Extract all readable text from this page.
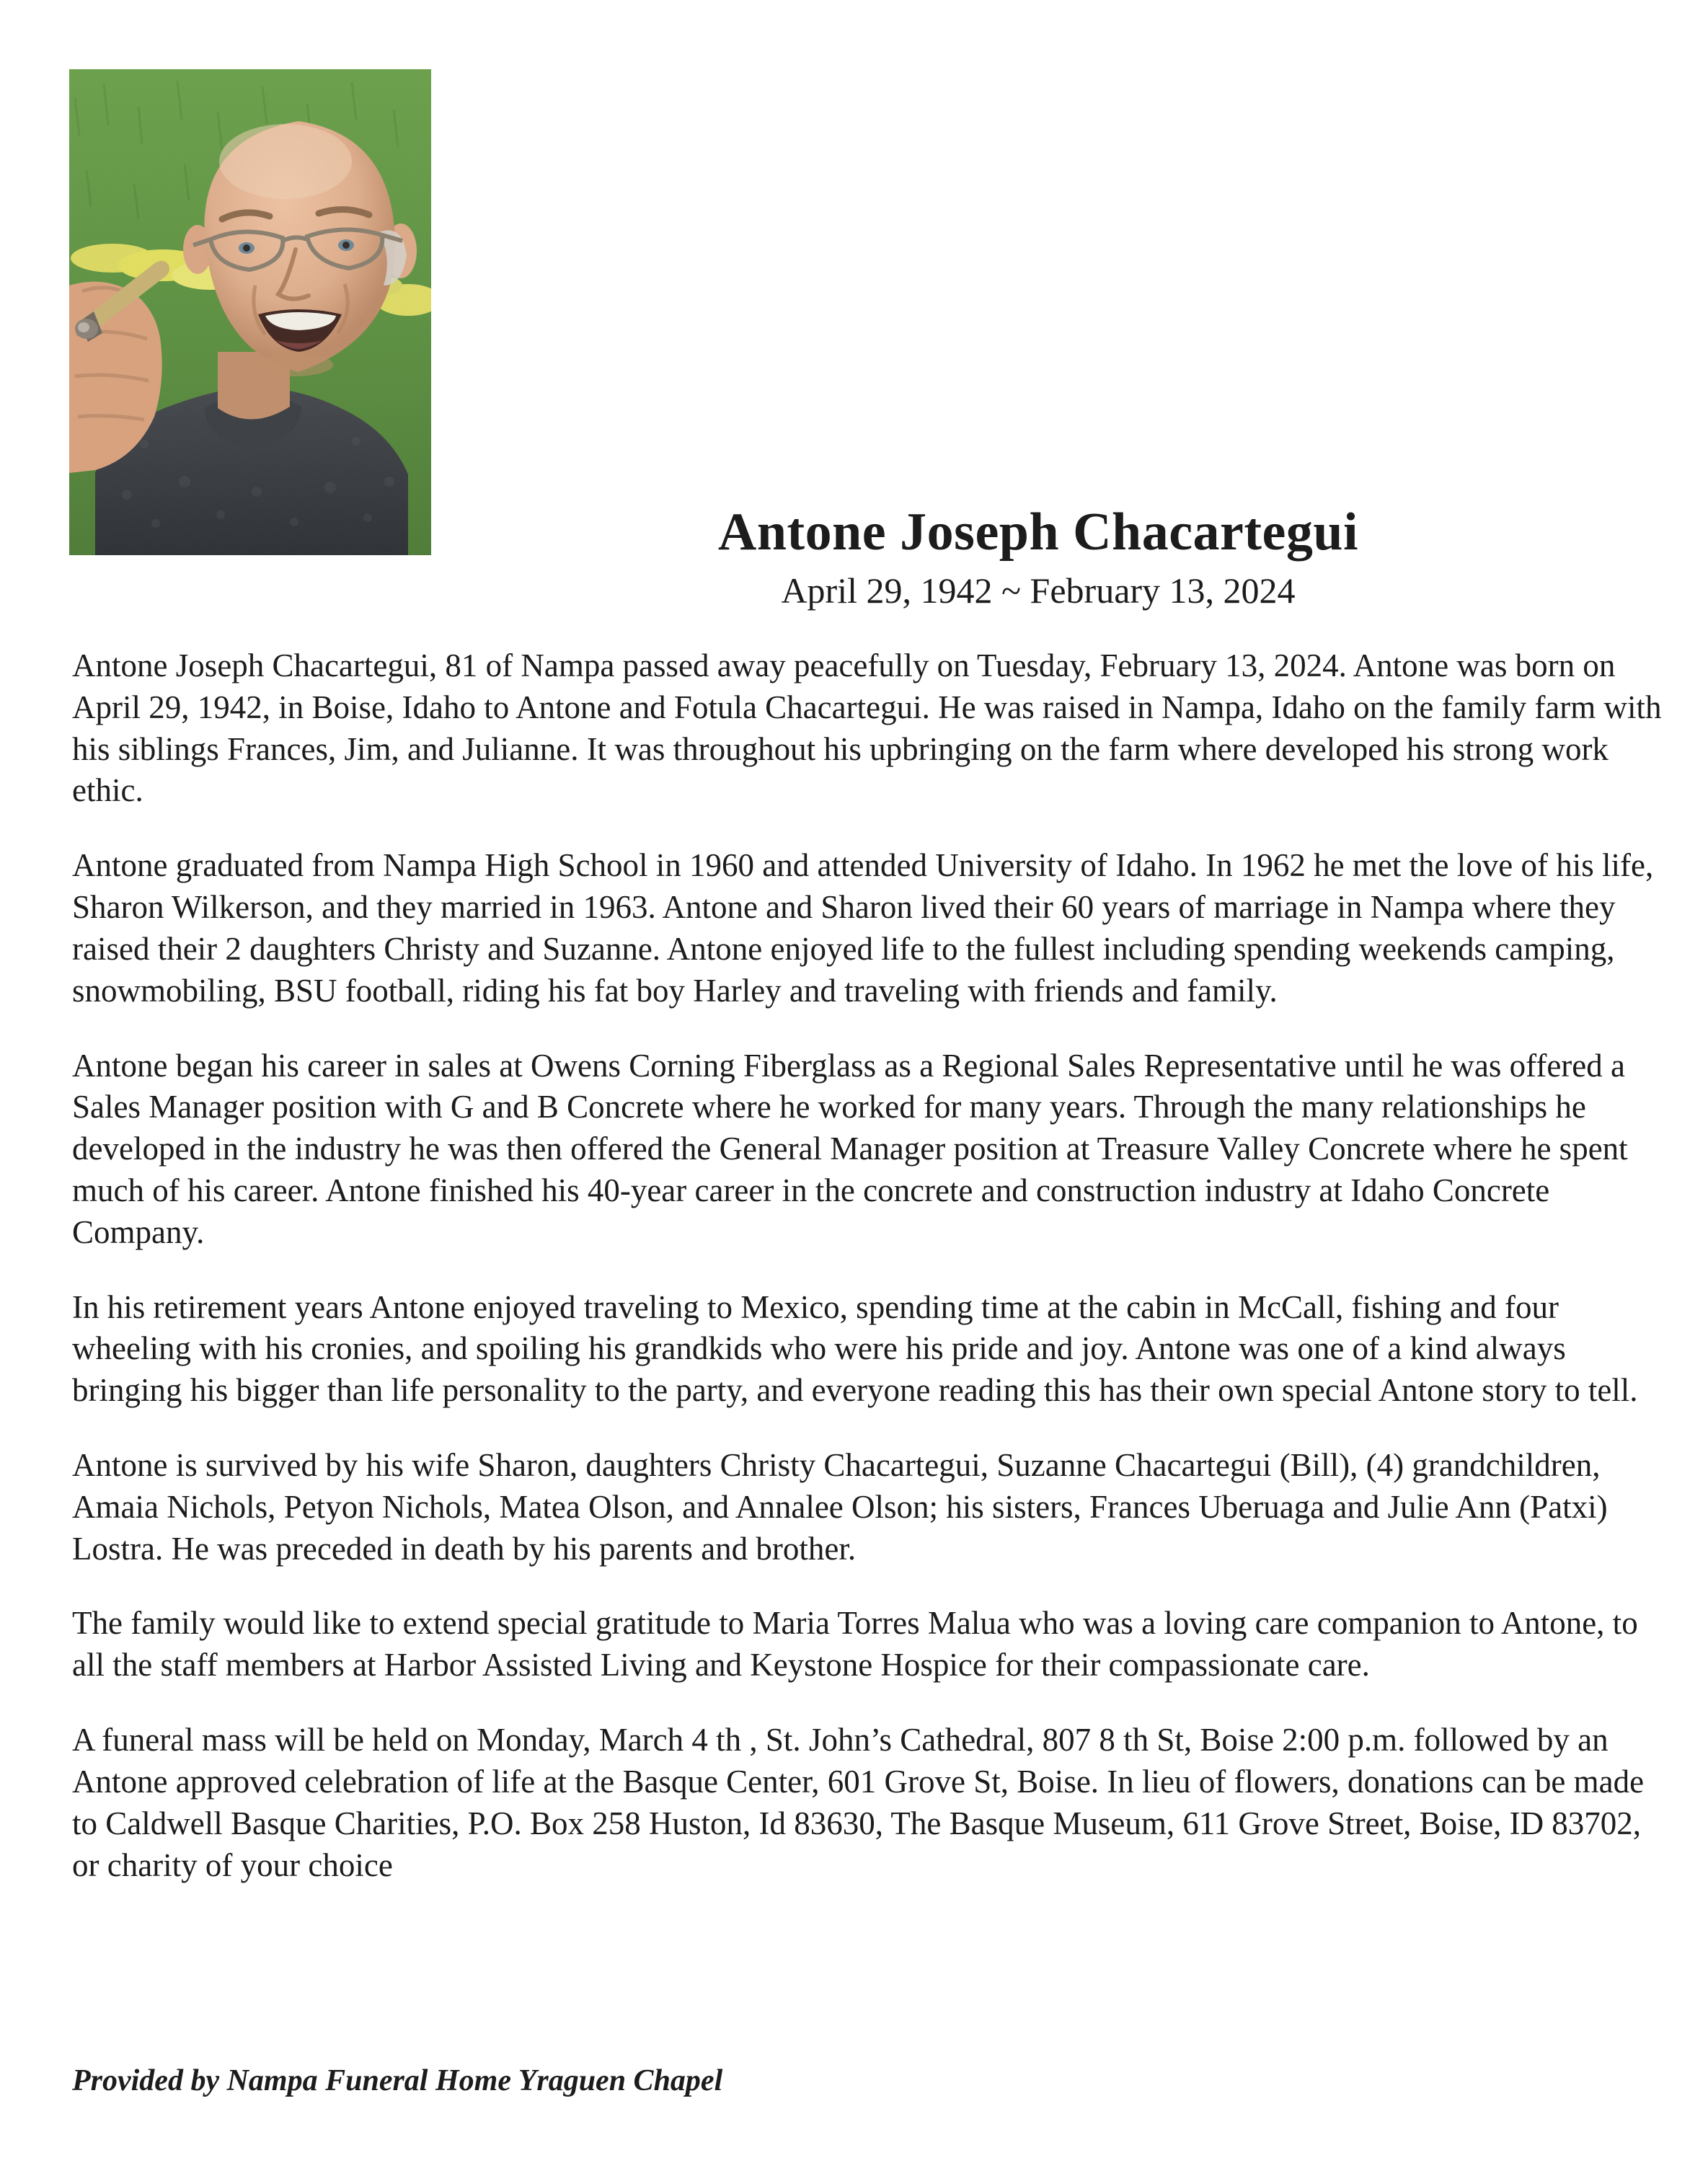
Antone Joseph Chacartegui
April 29, 1942 ~ February 13, 2024

Antone Joseph Chacartegui, 81 of Nampa passed away peacefully on Tuesday, February 13, 2024. Antone was born on April 29, 1942, in Boise, Idaho to Antone and Fotula Chacartegui. He was raised in Nampa, Idaho on the family farm with his siblings Frances, Jim, and Julianne. It was throughout his upbringing on the farm where developed his strong work ethic.

Antone graduated from Nampa High School in 1960 and attended University of Idaho. In 1962 he met the love of his life, Sharon Wilkerson, and they married in 1963. Antone and Sharon lived their 60 years of marriage in Nampa where they raised their 2 daughters Christy and Suzanne. Antone enjoyed life to the fullest including spending weekends camping, snowmobiling, BSU football, riding his fat boy Harley and traveling with friends and family.

Antone began his career in sales at Owens Corning Fiberglass as a Regional Sales Representative until he was offered a Sales Manager position with G and B Concrete where he worked for many years. Through the many relationships he developed in the industry he was then offered the General Manager position at Treasure Valley Concrete where he spent much of his career. Antone finished his 40-year career in the concrete and construction industry at Idaho Concrete Company.

In his retirement years Antone enjoyed traveling to Mexico, spending time at the cabin in McCall, fishing and four wheeling with his cronies, and spoiling his grandkids who were his pride and joy. Antone was one of a kind always bringing his bigger than life personality to the party, and everyone reading this has their own special Antone story to tell.

Antone is survived by his wife Sharon, daughters Christy Chacartegui, Suzanne Chacartegui (Bill), (4) grandchildren, Amaia Nichols, Petyon Nichols, Matea Olson, and Annalee Olson; his sisters, Frances Uberuaga and Julie Ann (Patxi) Lostra. He was preceded in death by his parents and brother.

The family would like to extend special gratitude to Maria Torres Malua who was a loving care companion to Antone, to all the staff members at Harbor Assisted Living and Keystone Hospice for their compassionate care.

A funeral mass will be held on Monday, March 4 th , St. John’s Cathedral, 807 8 th St, Boise 2:00 p.m. followed by an Antone approved celebration of life at the Basque Center, 601 Grove St, Boise. In lieu of flowers, donations can be made to Caldwell Basque Charities, P.O. Box 258 Huston, Id 83630, The Basque Museum, 611 Grove Street, Boise, ID 83702, or charity of your choice

Provided by Nampa Funeral Home Yraguen Chapel
